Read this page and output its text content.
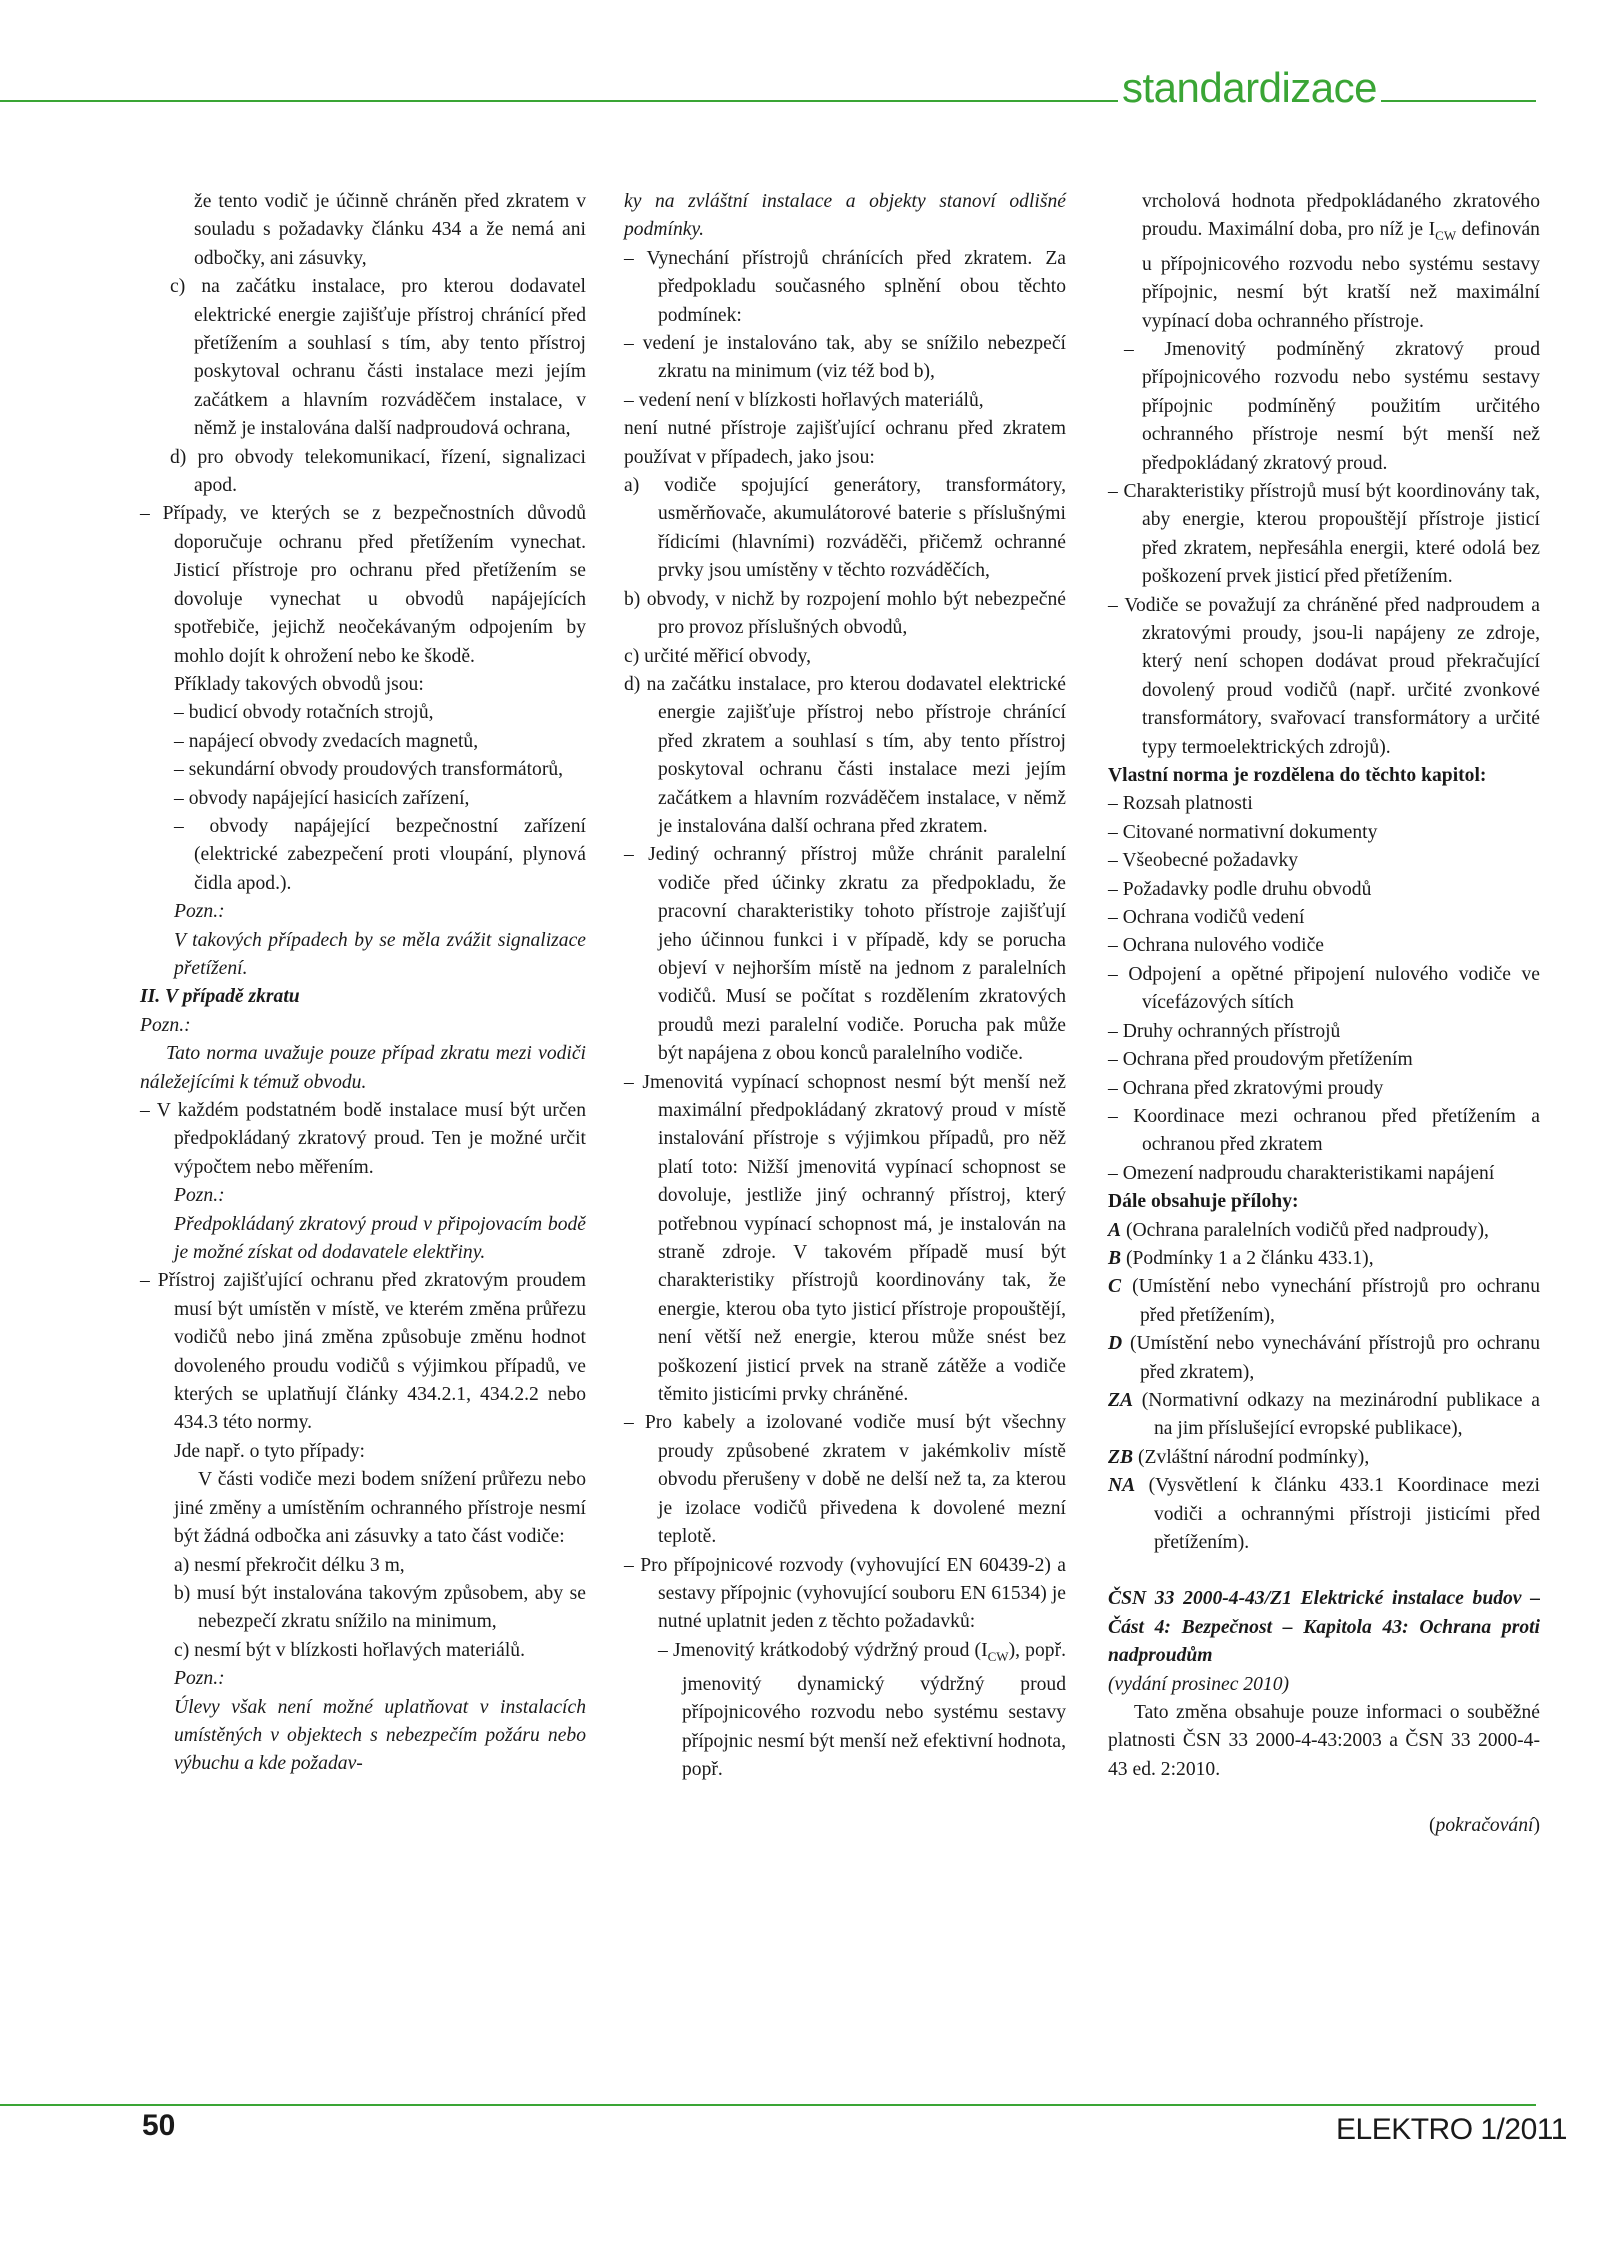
standardizace

že tento vodič je účinně chráněn před zkratem v souladu s požadavky článku 434 a že nemá ani odbočky, ani zásuvky,

c) na začátku instalace, pro kterou dodavatel elektrické energie zajišťuje přístroj chránící před přetížením a souhlasí s tím, aby tento přístroj poskytoval ochranu části instalace mezi jejím začátkem a hlavním rozváděčem instalace, v němž je instalována další nadproudová ochrana,

d) pro obvody telekomunikací, řízení, signalizaci apod.

– Případy, ve kterých se z bezpečnostních důvodů doporučuje ochranu před přetížením vynechat. Jisticí přístroje pro ochranu před přetížením se dovoluje vynechat u obvodů napájejících spotřebiče, jejichž neočekávaným odpojením by mohlo dojít k ohrožení nebo ke škodě.

Příklady takových obvodů jsou:

– budicí obvody rotačních strojů,

– napájecí obvody zvedacích magnetů,

– sekundární obvody proudových transformátorů,

– obvody napájející hasicích zařízení,

– obvody napájející bezpečnostní zařízení (elektrické zabezpečení proti vloupání, plynová čidla apod.).

Pozn.:

V takových případech by se měla zvážit signalizace přetížení.

II. V případě zkratu

Pozn.:

Tato norma uvažuje pouze případ zkratu mezi vodiči náležejícími k témuž obvodu.

– V každém podstatném bodě instalace musí být určen předpokládaný zkratový proud. Ten je možné určit výpočtem nebo měřením.

Pozn.:

Předpokládaný zkratový proud v připojovacím bodě je možné získat od dodavatele elektřiny.

– Přístroj zajišťující ochranu před zkratovým proudem musí být umístěn v místě, ve kterém změna průřezu vodičů nebo jiná změna způsobuje změnu hodnot dovoleného proudu vodičů s výjimkou případů, ve kterých se uplatňují články 434.2.1, 434.2.2 nebo 434.3 této normy.

Jde např. o tyto případy:

V části vodiče mezi bodem snížení průřezu nebo jiné změny a umístěním ochranného přístroje nesmí být žádná odbočka ani zásuvky a tato část vodiče:

a) nesmí překročit délku 3 m,

b) musí být instalována takovým způsobem, aby se nebezpečí zkratu snížilo na minimum,

c) nesmí být v blízkosti hořlavých materiálů.

Pozn.:

Úlevy však není možné uplatňovat v instalacích umístěných v objektech s nebezpečím požáru nebo výbuchu a kde požadav-

ky na zvláštní instalace a objekty stanoví odlišné podmínky.

– Vynechání přístrojů chránících před zkratem. Za předpokladu současného splnění obou těchto podmínek:

– vedení je instalováno tak, aby se snížilo nebezpečí zkratu na minimum (viz též bod b),

– vedení není v blízkosti hořlavých materiálů,

není nutné přístroje zajišťující ochranu před zkratem používat v případech, jako jsou:

a) vodiče spojující generátory, transformátory, usměrňovače, akumulátorové baterie s příslušnými řídicími (hlavními) rozváděči, přičemž ochranné prvky jsou umístěny v těchto rozváděčích,

b) obvody, v nichž by rozpojení mohlo být nebezpečné pro provoz příslušných obvodů,

c) určité měřicí obvody,

d) na začátku instalace, pro kterou dodavatel elektrické energie zajišťuje přístroj nebo přístroje chránící před zkratem a souhlasí s tím, aby tento přístroj poskytoval ochranu části instalace mezi jejím začátkem a hlavním rozváděčem instalace, v němž je instalována další ochrana před zkratem.

– Jediný ochranný přístroj může chránit paralelní vodiče před účinky zkratu za předpokladu, že pracovní charakteristiky tohoto přístroje zajišťují jeho účinnou funkci i v případě, kdy se porucha objeví v nejhorším místě na jednom z paralelních vodičů. Musí se počítat s rozdělením zkratových proudů mezi paralelní vodiče. Porucha pak může být napájena z obou konců paralelního vodiče.

– Jmenovitá vypínací schopnost nesmí být menší než maximální předpokládaný zkratový proud v místě instalování přístroje s výjimkou případů, pro něž platí toto: Nižší jmenovitá vypínací schopnost se dovoluje, jestliže jiný ochranný přístroj, který potřebnou vypínací schopnost má, je instalován na straně zdroje. V takovém případě musí být charakteristiky přístrojů koordinovány tak, že energie, kterou oba tyto jisticí přístroje propouštějí, není větší než energie, kterou může snést bez poškození jisticí prvek na straně zátěže a vodiče těmito jisticími prvky chráněné.

– Pro kabely a izolované vodiče musí být všechny proudy způsobené zkratem v jakémkoliv místě obvodu přerušeny v době ne delší než ta, za kterou je izolace vodičů přivedena k dovolené mezní teplotě.

– Pro přípojnicové rozvody (vyhovující EN 60439-2) a sestavy přípojnic (vyhovující souboru EN 61534) je nutné uplatnit jeden z těchto požadavků:

– Jmenovitý krátkodobý výdržný proud $(I_{CW})$, popř. jmenovitý dynamický výdržný proud přípojnicového rozvodu nebo systému sestavy přípojnic nesmí být menší než efektivní hodnota, popř.

vrcholová hodnota předpokládaného zkratového proudu. Maximální doba, pro níž je $I_{CW}$ definován u přípojnicového rozvodu nebo systému sestavy přípojnic, nesmí být kratší než maximální vypínací doba ochranného přístroje.

– Jmenovitý podmíněný zkratový proud přípojnicového rozvodu nebo systému sestavy přípojnic podmíněný použitím určitého ochranného přístroje nesmí být menší než předpokládaný zkratový proud.

– Charakteristiky přístrojů musí být koordinovány tak, aby energie, kterou propouštějí přístroje jisticí před zkratem, nepřesáhla energii, které odolá bez poškození prvek jisticí před přetížením.

– Vodiče se považují za chráněné před nadproudem a zkratovými proudy, jsou-li napájeny ze zdroje, který není schopen dodávat proud překračující dovolený proud vodičů (např. určité zvonkové transformátory, svařovací transformátory a určité typy termoelektrických zdrojů).

Vlastní norma je rozdělena do těchto kapitol:

– Rozsah platnosti

– Citované normativní dokumenty

– Všeobecné požadavky

– Požadavky podle druhu obvodů

– Ochrana vodičů vedení

– Ochrana nulového vodiče

– Odpojení a opětné připojení nulového vodiče ve vícefázových sítích

– Druhy ochranných přístrojů

– Ochrana před proudovým přetížením

– Ochrana před zkratovými proudy

– Koordinace mezi ochranou před přetížením a ochranou před zkratem

– Omezení nadproudu charakteristikami napájení

Dále obsahuje přílohy:

A (Ochrana paralelních vodičů před nadproudy),

B (Podmínky 1 a 2 článku 433.1),

C (Umístění nebo vynechání přístrojů pro ochranu před přetížením),

D (Umístění nebo vynechávání přístrojů pro ochranu před zkratem),

ZA (Normativní odkazy na mezinárodní publikace a na jim příslušející evropské publikace),

ZB (Zvláštní národní podmínky),

NA (Vysvětlení k článku 433.1 Koordinace mezi vodiči a ochrannými přístroji jisticími před přetížením).

ČSN 33 2000-4-43/Z1 Elektrické instalace budov – Část 4: Bezpečnost – Kapitola 43: Ochrana proti nadproudům

(vydání prosinec 2010)

Tato změna obsahuje pouze informaci o souběžné platnosti ČSN 33 2000-4-43:2003 a ČSN 33 2000-4-43 ed. 2:2010.

(pokračování)

50	ELEKTRO 1/2011
